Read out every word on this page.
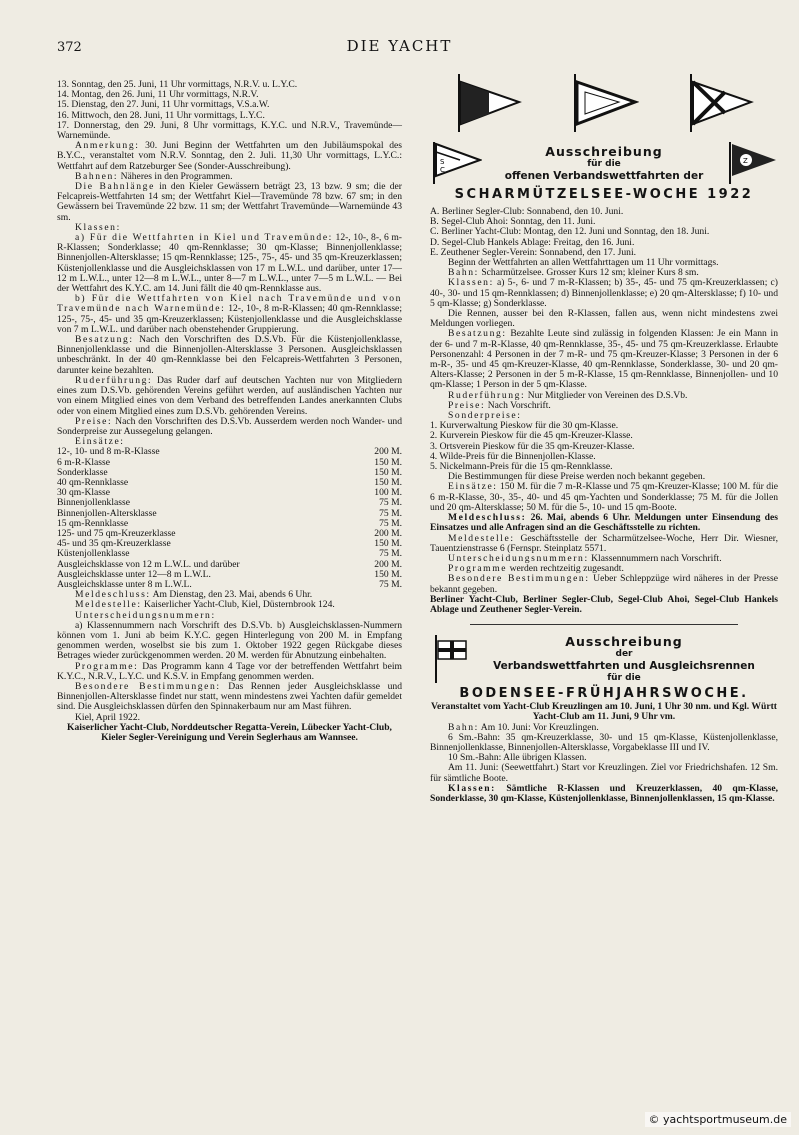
372	DIE YACHT
13. Sonntag, den 25. Juni, 11 Uhr vormittags, N.R.V. u. L.Y.C.
14. Montag, den 26. Juni, 11 Uhr vormittags, N.R.V.
15. Dienstag, den 27. Juni, 11 Uhr vormittags, V.S.a.W.
16. Mittwoch, den 28. Juni, 11 Uhr vormittags, L.Y.C.
17. Donnerstag, den 29. Juni, 8 Uhr vormittags, K.Y.C. und N.R.V., Travemünde—Warnemünde.

Anmerkung: 30. Juni Beginn der Wettfahrten um den Jubiläumspokal des B.Y.C., veranstaltet vom N.R.V. Sonntag, den 2. Juli. 11,30 Uhr vormittags, L.Y.C.: Wettfahrt auf dem Ratzeburger See (Sonder-Ausschreibung).

Bahnen: Näheres in den Programmen.

Die Bahnlänge in den Kieler Gewässern beträgt 23, 13 bzw. 9 sm; die der Felcapreis-Wettfahrten 14 sm; der Wettfahrt Kiel—Travemünde 78 bzw. 67 sm; in den Gewässern bei Travemünde 22 bzw. 11 sm; der Wettfahrt Travemünde—Warnemünde 43 sm.

Klassen:

a) Für die Wettfahrten in Kiel und Travemünde: 12-, 10-, 8-, 6 m-R-Klassen; Sonderklasse; 40 qm-Rennklasse; 30 qm-Klasse; Binnenjollenklasse; Binnenjollen-Altersklasse; 15 qm-Rennklasse; 125-, 75-, 45- und 35 qm-Kreuzerklassen; Küstenjollenklasse und die Ausgleichsklassen von 17 m L.W.L. und darüber, unter 17—12 m L.W.L., unter 12—8 m L.W.L., unter 8—7 m L.W.L., unter 7—5 m L.W.L. — Bei der Wettfahrt des K.Y.C. am 14. Juni fällt die 40 qm-Rennklasse aus.

b) Für die Wettfahrten von Kiel nach Travemünde und von Travemünde nach Warnemünde: 12-, 10-, 8 m-R-Klassen; 40 qm-Rennklasse; 125-, 75-, 45- und 35 qm-Kreuzerklassen; Küstenjollenklasse und die Ausgleichsklasse von 7 m L.W.L. und darüber nach obenstehender Gruppierung.

Besatzung: Nach den Vorschriften des D.S.Vb. Für die Küstenjollenklasse, Binnenjollenklasse und die Binnenjollen-Altersklasse 3 Personen. Ausgleichsklassen unbeschränkt. In der 40 qm-Rennklasse bei den Felcapreis-Wettfahrten 3 Personen, darunter keine bezahlten.

Ruderführung: Das Ruder darf auf deutschen Yachten nur von Mitgliedern eines zum D.S.Vb. gehörenden Vereins geführt werden, auf ausländischen Yachten nur von einem Mitglied eines von dem Verband des betreffenden Landes anerkannten Clubs oder von einem Mitglied eines zum D.S.Vb. gehörenden Vereins.

Preise: Nach den Vorschriften des D.S.Vb. Ausserdem werden noch Wander- und Sonderpreise zur Aussegelung gelangen.

Einsätze:

12-, 10- und 8 m-R-Klasse	200 M.
6 m-R-Klasse	150 M.
Sonderklasse	150 M.
40 qm-Rennklasse	150 M.
30 qm-Klasse	100 M.
Binnenjollenklasse	75 M.
Binnenjollen-Altersklasse	75 M.
15 qm-Rennklasse	75 M.
125- und 75 qm-Kreuzerklasse	200 M.
45- und 35 qm-Kreuzerklasse	150 M.
Küstenjollenklasse	75 M.
Ausgleichsklasse von 12 m L.W.L. und darüber	200 M.
Ausgleichsklasse unter 12—8 m L.W.L.	150 M.
Ausgleichsklasse unter 8 m L.W.L.	75 M.

Meldeschluss: Am Dienstag, den 23. Mai, abends 6 Uhr.

Meldestelle: Kaiserlicher Yacht-Club, Kiel, Düsternbrook 124.

Unterscheidungsnummern:

a) Klassennummern nach Vorschrift des D.S.Vb. b) Ausgleichsklassen-Nummern können vom 1. Juni ab beim K.Y.C. gegen Hinterlegung von 200 M. in Empfang genommen werden, woselbst sie bis zum 1. Oktober 1922 gegen Rückgabe dieses Betrages wieder zurückgenommen werden. 20 M. werden für Abnutzung einbehalten.

Programme: Das Programm kann 4 Tage vor der betreffenden Wettfahrt beim K.Y.C., N.R.V., L.Y.C. und K.S.V. in Empfang genommen werden.

Besondere Bestimmungen: Das Rennen jeder Ausgleichsklasse und Binnenjollen-Altersklasse findet nur statt, wenn mindestens zwei Yachten dafür gemeldet sind. Die Ausgleichsklassen dürfen den Spinnakerbaum nur am Mast führen.

Kiel, April 1922.

Kaiserlicher Yacht-Club, Norddeutscher Regatta-Verein, Lübecker Yacht-Club, Kieler Segler-Vereinigung und Verein Seglerhaus am Wannsee.

S
C
Ausschreibung
für die
offenen Verbandswettfahrten der
Z
SCHARMÜTZELSEE-WOCHE 1922
A. Berliner Segler-Club: Sonnabend, den 10. Juni.
B. Segel-Club Ahoi: Sonntag, den 11. Juni.
C. Berliner Yacht-Club: Montag, den 12. Juni und Sonntag, den 18. Juni.
D. Segel-Club Hankels Ablage: Freitag, den 16. Juni.
E. Zeuthener Segler-Verein: Sonnabend, den 17. Juni.

Beginn der Wettfahrten an allen Wettfahrttagen um 11 Uhr vormittags.

Bahn: Scharmützelsee. Grosser Kurs 12 sm; kleiner Kurs 8 sm.

Klassen: a) 5-, 6- und 7 m-R-Klassen; b) 35-, 45- und 75 qm-Kreuzerklassen; c) 40-, 30- und 15 qm-Rennklassen; d) Binnenjollenklasse; e) 20 qm-Altersklasse; f) 10- und 5 qm-Klasse; g) Sonderklasse.

Die Rennen, ausser bei den R-Klassen, fallen aus, wenn nicht mindestens zwei Meldungen vorliegen.

Besatzung: Bezahlte Leute sind zulässig in folgenden Klassen: Je ein Mann in der 6- und 7 m-R-Klasse, 40 qm-Rennklasse, 35-, 45- und 75 qm-Kreuzerklasse. Erlaubte Personenzahl: 4 Personen in der 7 m-R- und 75 qm-Kreuzer-Klasse; 3 Personen in der 6 m-R-, 35- und 45 qm-Kreuzer-Klasse, 40 qm-Rennklasse, Sonderklasse, 30- und 20 qm-Alters-Klasse; 2 Personen in der 5 m-R-Klasse, 15 qm-Rennklasse, Binnenjollen- und 10 qm-Klasse; 1 Person in der 5 qm-Klasse.

Ruderführung: Nur Mitglieder von Vereinen des D.S.Vb.

Preise: Nach Vorschrift.

Sonderpreise:

1. Kurverwaltung Pieskow für die 30 qm-Klasse.
2. Kurverein Pieskow für die 45 qm-Kreuzer-Klasse.
3. Ortsverein Pieskow für die 35 qm-Kreuzer-Klasse.
4. Wilde-Preis für die Binnenjollen-Klasse.
5. Nickelmann-Preis für die 15 qm-Rennklasse.

Die Bestimmungen für diese Preise werden noch bekannt gegeben.

Einsätze: 150 M. für die 7 m-R-Klasse und 75 qm-Kreuzer-Klasse; 100 M. für die 6 m-R-Klasse, 30-, 35-, 40- und 45 qm-Yachten und Sonderklasse; 75 M. für die Jollen und 20 qm-Altersklasse; 50 M. für die 5-, 10- und 15 qm-Boote.

Meldeschluss: 26. Mai, abends 6 Uhr. Meldungen unter Einsendung des Einsatzes und alle Anfragen sind an die Geschäftsstelle zu richten.

Meldestelle: Geschäftsstelle der Scharmützelsee-Woche, Herr Dir. Wiesner, Tauentzienstrasse 6 (Fernspr. Steinplatz 5571.

Unterscheidungsnummern: Klassennummern nach Vorschrift.

Programme werden rechtzeitig zugesandt.

Besondere Bestimmungen: Ueber Schleppzüge wird näheres in der Presse bekannt gegeben.

Berliner Yacht-Club, Berliner Segler-Club, Segel-Club Ahoi, Segel-Club Hankels Ablage und Zeuthener Segler-Verein.

Ausschreibung
der
Verbandswettfahrten und Ausgleichsrennen
für die
BODENSEE-FRÜHJAHRSWOCHE.

Veranstaltet vom Yacht-Club Kreuzlingen am 10. Juni, 1 Uhr 30 nm. und Kgl. Württ Yacht-Club am 11. Juni, 9 Uhr vm.

Bahn: Am 10. Juni: Vor Kreuzlingen.

6 Sm.-Bahn: 35 qm-Kreuzerklasse, 30- und 15 qm-Klasse, Küstenjollenklasse, Binnenjollenklasse, Binnenjollen-Altersklasse, Vorgabeklasse III und IV.

10 Sm.-Bahn: Alle übrigen Klassen.

Am 11. Juni: (Seewettfahrt.) Start vor Kreuzlingen. Ziel vor Friedrichshafen. 12 Sm. für sämtliche Boote.

Klassen: Sämtliche R-Klassen und Kreuzerklassen, 40 qm-Klasse, Sonderklasse, 30 qm-Klasse, Küstenjollenklasse, Binnenjollenklassen, 15 qm-Klasse.

© yachtsportmuseum.de
